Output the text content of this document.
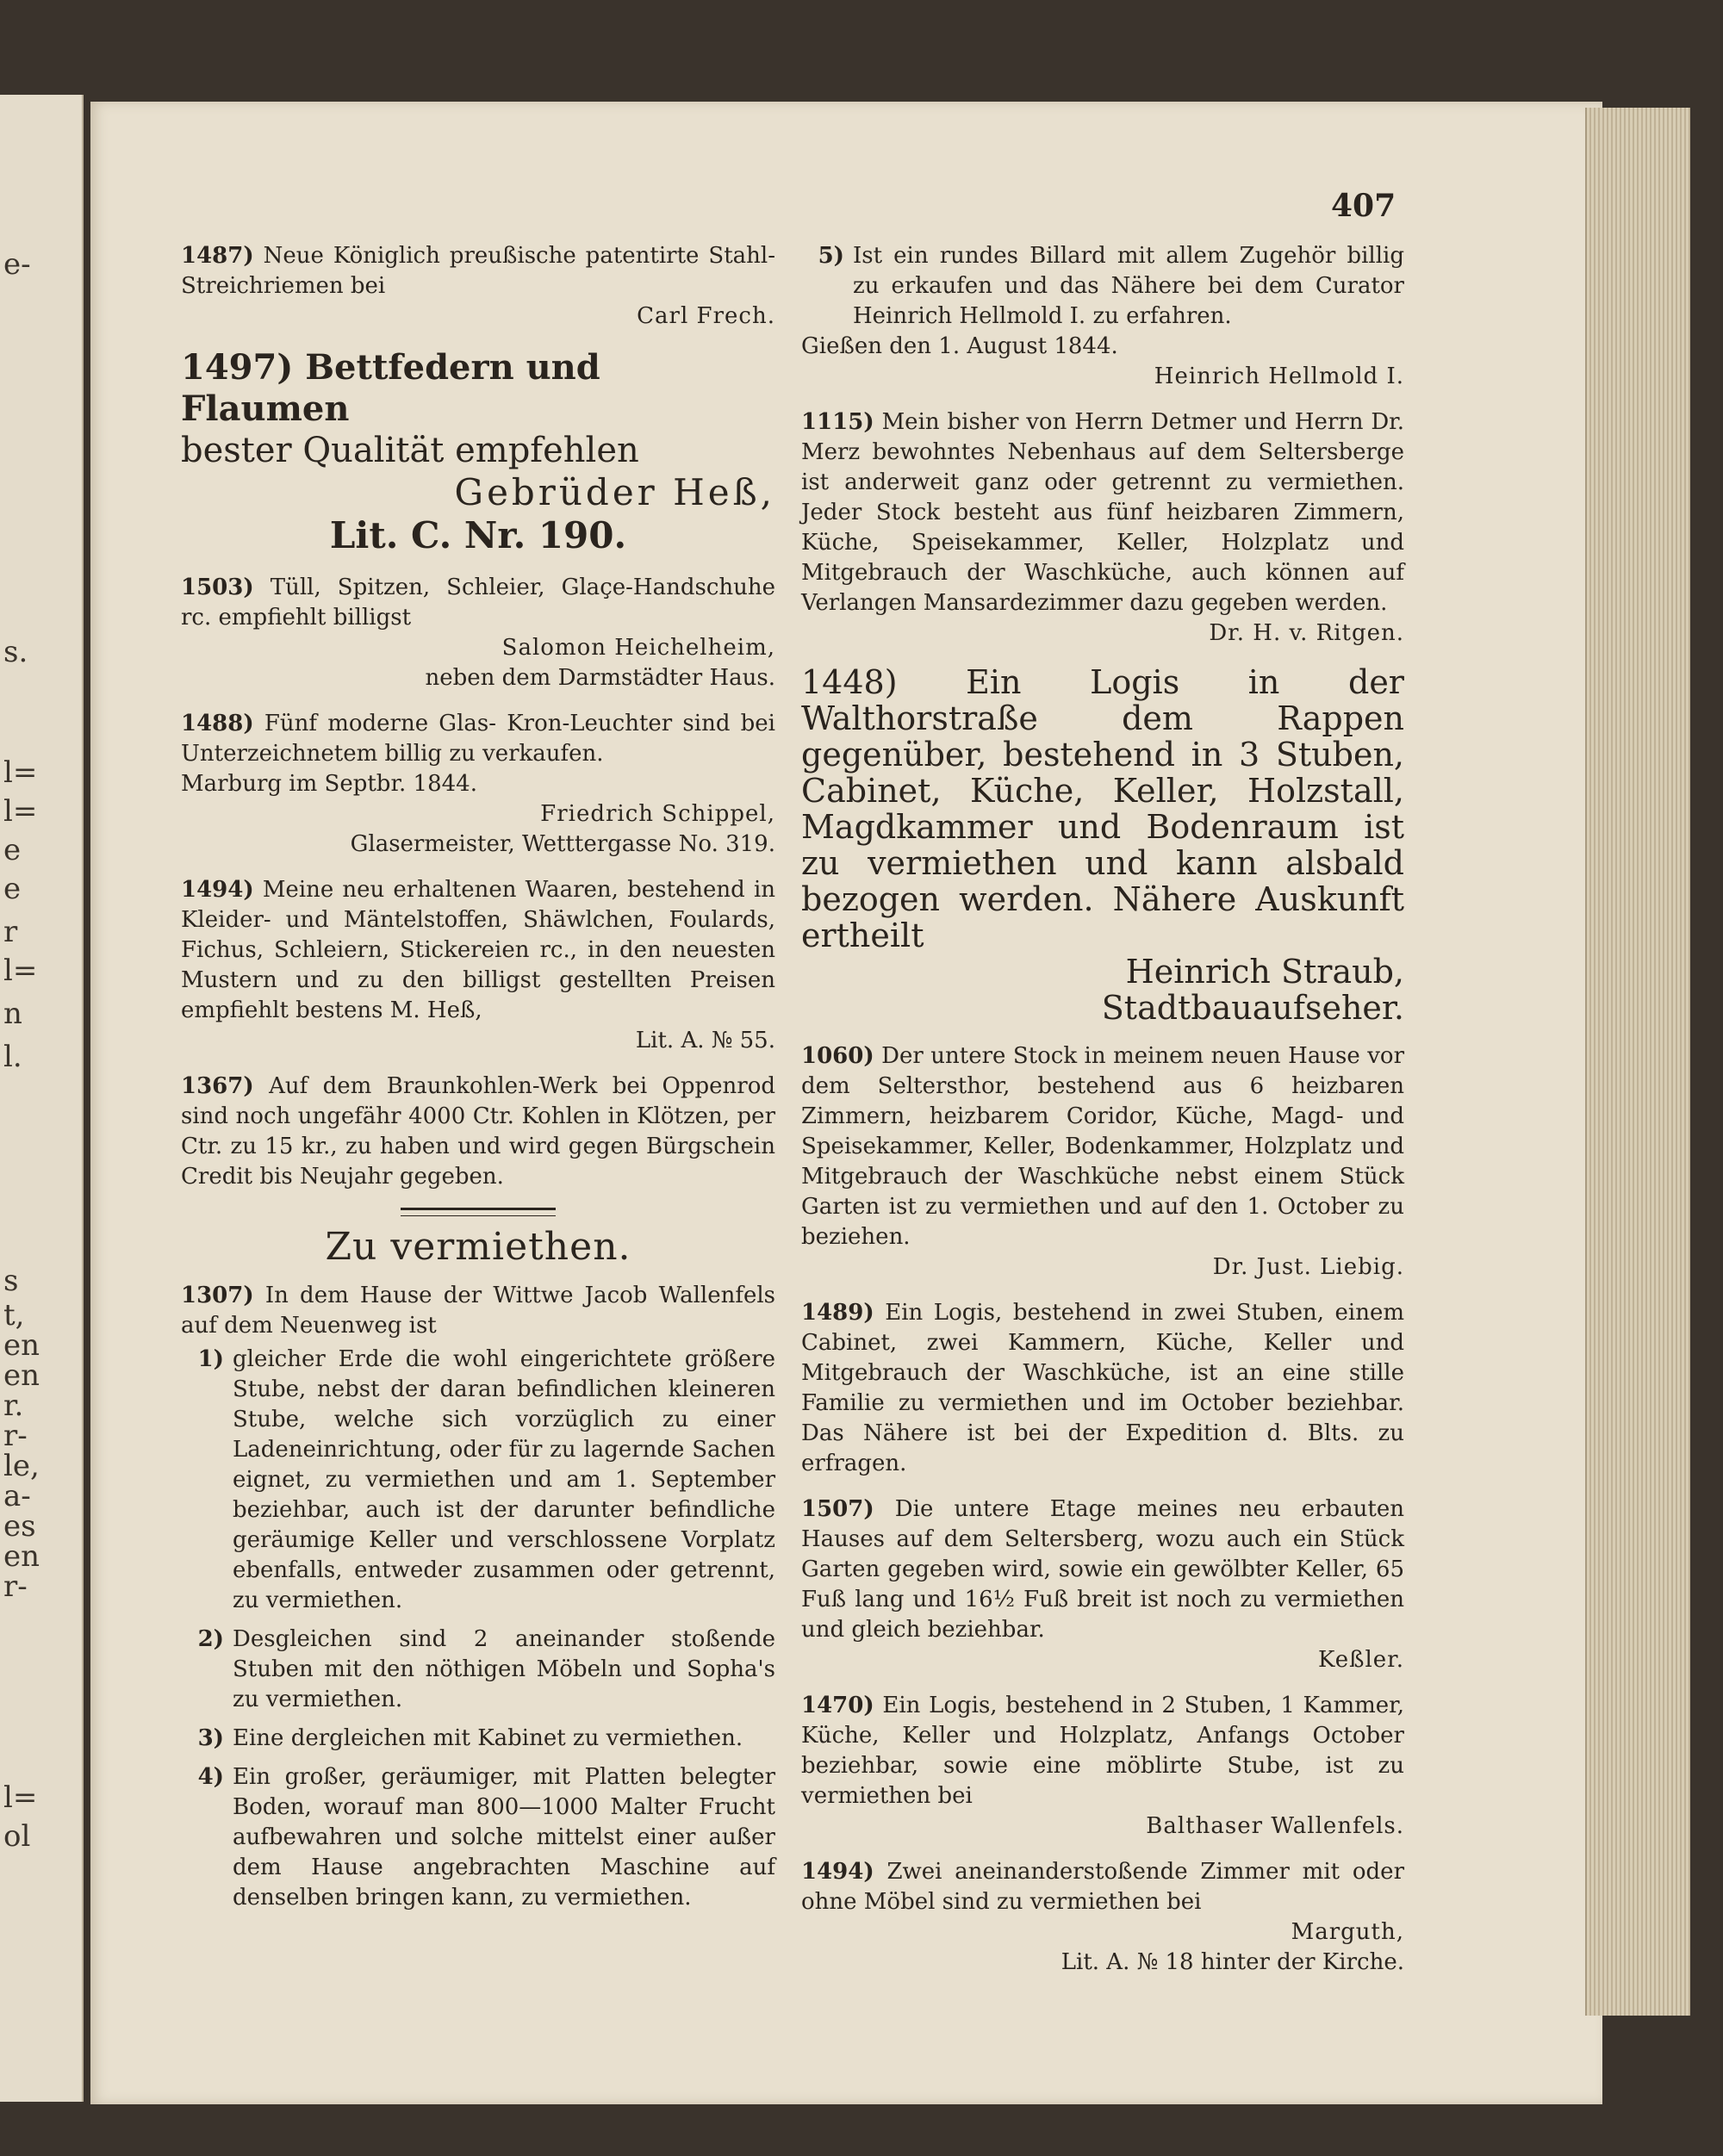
e-
s.
l=
l=
e
e
r
l=
n
l.
s
t,
en
en
r.
r-
le,
a-
es
en
r-
l=
ol
407

1487) Neue Königlich preußische patentirte Stahl-Streichriemen bei
Carl Frech.

1497) Bettfedern und Flaumen
bester Qualität empfehlen
Gebrüder Heß,
Lit. C. Nr. 190.

1503) Tüll, Spitzen, Schleier, Glaçe-Handschuhe rc. empfiehlt billigst
Salomon Heichelheim,
neben dem Darmstädter Haus.

1488) Fünf moderne Glas- Kron-Leuchter sind bei Unterzeichnetem billig zu verkaufen.
Marburg im Septbr. 1844.
Friedrich Schippel,
Glasermeister, Wetttergasse No. 319.

1494) Meine neu erhaltenen Waaren, bestehend in Kleider- und Mäntelstoffen, Shäwlchen, Foulards, Fichus, Schleiern, Stickereien rc., in den neuesten Mustern und zu den billigst gestellten Preisen empfiehlt bestens M. Heß,
Lit. A. № 55.

1367) Auf dem Braunkohlen-Werk bei Oppenrod sind noch ungefähr 4000 Ctr. Kohlen in Klötzen, per Ctr. zu 15 kr., zu haben und wird gegen Bürgschein Credit bis Neujahr gegeben.

Zu vermiethen.

1307) In dem Hause der Wittwe Jacob Wallenfels auf dem Neuenweg ist

1) gleicher Erde die wohl eingerichtete größere Stube, nebst der daran befindlichen kleineren Stube, welche sich vorzüglich zu einer Ladeneinrichtung, oder für zu lagernde Sachen eignet, zu vermiethen und am 1. September beziehbar, auch ist der darunter befindliche geräumige Keller und verschlossene Vorplatz ebenfalls, entweder zusammen oder getrennt, zu vermiethen.
2) Desgleichen sind 2 aneinander stoßende Stuben mit den nöthigen Möbeln und Sopha's zu vermiethen.
3) Eine dergleichen mit Kabinet zu vermiethen.
4) Ein großer, geräumiger, mit Platten belegter Boden, worauf man 800—1000 Malter Frucht aufbewahren und solche mittelst einer außer dem Hause angebrachten Maschine auf denselben bringen kann, zu vermiethen.
5) Ist ein rundes Billard mit allem Zugehör billig zu erkaufen und das Nähere bei dem Curator Heinrich Hellmold I. zu erfahren.

Gießen den 1. August 1844.

Heinrich Hellmold I.

1115) Mein bisher von Herrn Detmer und Herrn Dr. Merz bewohntes Nebenhaus auf dem Seltersberge ist anderweit ganz oder getrennt zu vermiethen. Jeder Stock besteht aus fünf heizbaren Zimmern, Küche, Speisekammer, Keller, Holzplatz und Mitgebrauch der Waschküche, auch können auf Verlangen Mansardezimmer dazu gegeben werden.
Dr. H. v. Ritgen.

1448) Ein Logis in der Walthorstraße dem Rappen gegenüber, bestehend in 3 Stuben, Cabinet, Küche, Keller, Holzstall, Magdkammer und Bodenraum ist zu vermiethen und kann alsbald bezogen werden. Nähere Auskunft ertheilt
Heinrich Straub,
Stadtbauaufseher.

1060) Der untere Stock in meinem neuen Hause vor dem Seltersthor, bestehend aus 6 heizbaren Zimmern, heizbarem Coridor, Küche, Magd- und Speisekammer, Keller, Bodenkammer, Holzplatz und Mitgebrauch der Waschküche nebst einem Stück Garten ist zu vermiethen und auf den 1. October zu beziehen.
Dr. Just. Liebig.

1489) Ein Logis, bestehend in zwei Stuben, einem Cabinet, zwei Kammern, Küche, Keller und Mitgebrauch der Waschküche, ist an eine stille Familie zu vermiethen und im October beziehbar. Das Nähere ist bei der Expedition d. Blts. zu erfragen.

1507) Die untere Etage meines neu erbauten Hauses auf dem Seltersberg, wozu auch ein Stück Garten gegeben wird, sowie ein gewölbter Keller, 65 Fuß lang und 16½ Fuß breit ist noch zu vermiethen und gleich beziehbar.
Keßler.

1470) Ein Logis, bestehend in 2 Stuben, 1 Kammer, Küche, Keller und Holzplatz, Anfangs October beziehbar, sowie eine möblirte Stube, ist zu vermiethen bei
Balthaser Wallenfels.

1494) Zwei aneinanderstoßende Zimmer mit oder ohne Möbel sind zu vermiethen bei
Marguth,
Lit. A. № 18 hinter der Kirche.
